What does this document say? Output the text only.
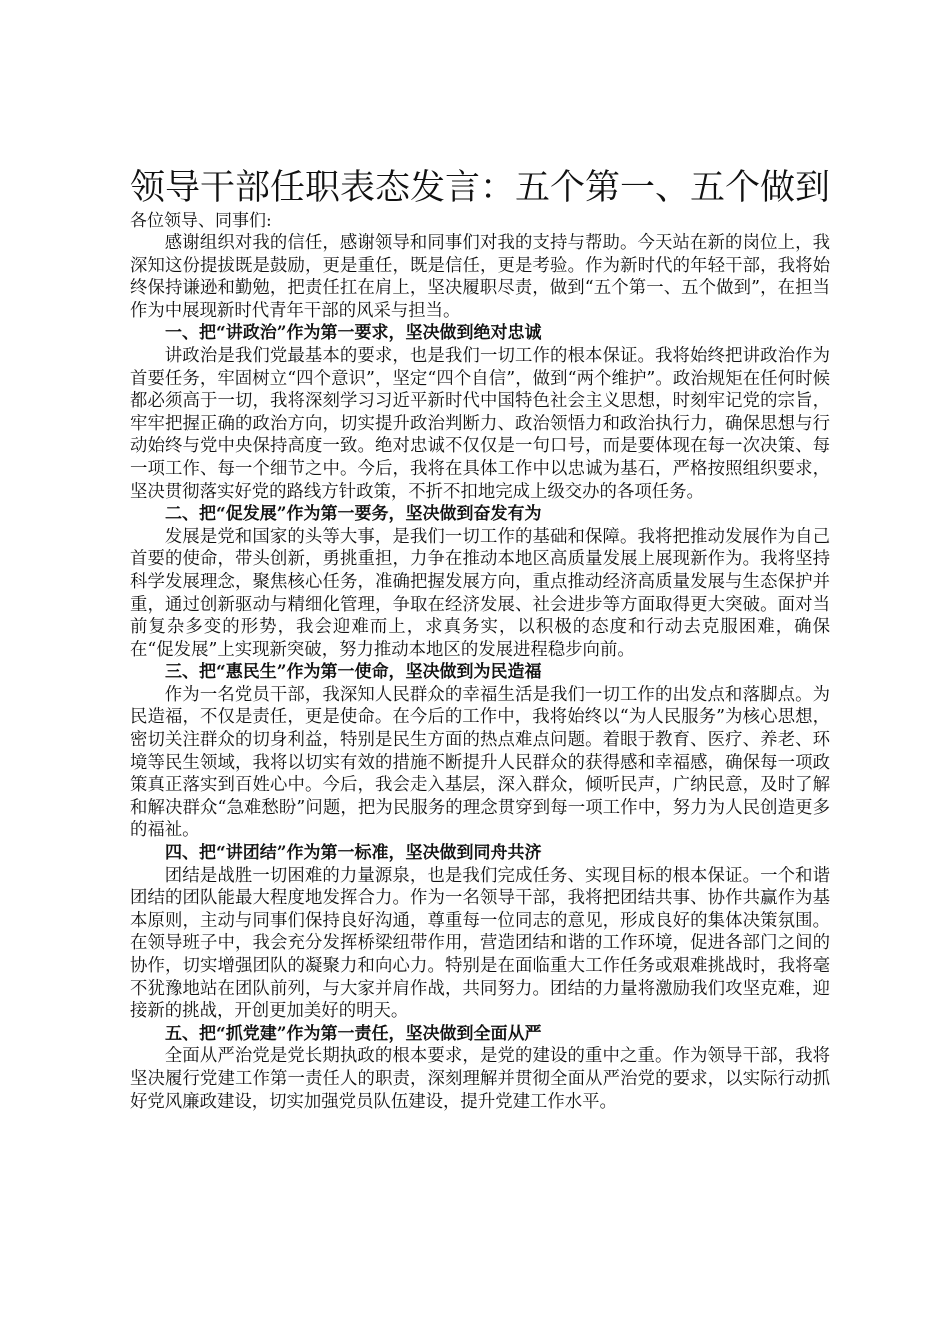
领导干部任职表态发言：五个第一、五个做到

各位领导、同事们:

感谢组织对我的信任，感谢领导和同事们对我的支持与帮助。今天站在新的岗位上，我深知这份提拔既是鼓励，更是重任，既是信任，更是考验。作为新时代的年轻干部，我将始终保持谦逊和勤勉，把责任扛在肩上，坚决履职尽责，做到“五个第一、五个做到”，在担当作为中展现新时代青年干部的风采与担当。

一、把“讲政治”作为第一要求，坚决做到绝对忠诚

讲政治是我们党最基本的要求，也是我们一切工作的根本保证。我将始终把讲政治作为首要任务，牢固树立“四个意识”，坚定“四个自信”，做到“两个维护”。政治规矩在任何时候都必须高于一切，我将深刻学习习近平新时代中国特色社会主义思想，时刻牢记党的宗旨，牢牢把握正确的政治方向，切实提升政治判断力、政治领悟力和政治执行力，确保思想与行动始终与党中央保持高度一致。绝对忠诚不仅仅是一句口号，而是要体现在每一次决策、每一项工作、每一个细节之中。今后，我将在具体工作中以忠诚为基石，严格按照组织要求，坚决贯彻落实好党的路线方针政策，不折不扣地完成上级交办的各项任务。

二、把“促发展”作为第一要务，坚决做到奋发有为

发展是党和国家的头等大事，是我们一切工作的基础和保障。我将把推动发展作为自己首要的使命，带头创新，勇挑重担，力争在推动本地区高质量发展上展现新作为。我将坚持科学发展理念，聚焦核心任务，准确把握发展方向，重点推动经济高质量发展与生态保护并重，通过创新驱动与精细化管理，争取在经济发展、社会进步等方面取得更大突破。面对当前复杂多变的形势，我会迎难而上，求真务实，以积极的态度和行动去克服困难，确保在“促发展”上实现新突破，努力推动本地区的发展进程稳步向前。

三、把“惠民生”作为第一使命，坚决做到为民造福

作为一名党员干部，我深知人民群众的幸福生活是我们一切工作的出发点和落脚点。为民造福，不仅是责任，更是使命。在今后的工作中，我将始终以“为人民服务”为核心思想，密切关注群众的切身利益，特别是民生方面的热点难点问题。着眼于教育、医疗、养老、环境等民生领域，我将以切实有效的措施不断提升人民群众的获得感和幸福感，确保每一项政策真正落实到百姓心中。今后，我会走入基层，深入群众，倾听民声，广纳民意，及时了解和解决群众“急难愁盼”问题，把为民服务的理念贯穿到每一项工作中，努力为人民创造更多的福祉。

四、把“讲团结”作为第一标准，坚决做到同舟共济

团结是战胜一切困难的力量源泉，也是我们完成任务、实现目标的根本保证。一个和谐团结的团队能最大程度地发挥合力。作为一名领导干部，我将把团结共事、协作共赢作为基本原则，主动与同事们保持良好沟通，尊重每一位同志的意见，形成良好的集体决策氛围。在领导班子中，我会充分发挥桥梁纽带作用，营造团结和谐的工作环境，促进各部门之间的协作，切实增强团队的凝聚力和向心力。特别是在面临重大工作任务或艰难挑战时，我将毫不犹豫地站在团队前列，与大家并肩作战，共同努力。团结的力量将激励我们攻坚克难，迎接新的挑战，开创更加美好的明天。

五、把“抓党建”作为第一责任，坚决做到全面从严

全面从严治党是党长期执政的根本要求，是党的建设的重中之重。作为领导干部，我将坚决履行党建工作第一责任人的职责，深刻理解并贯彻全面从严治党的要求，以实际行动抓好党风廉政建设，切实加强党员队伍建设，提升党建工作水平。
